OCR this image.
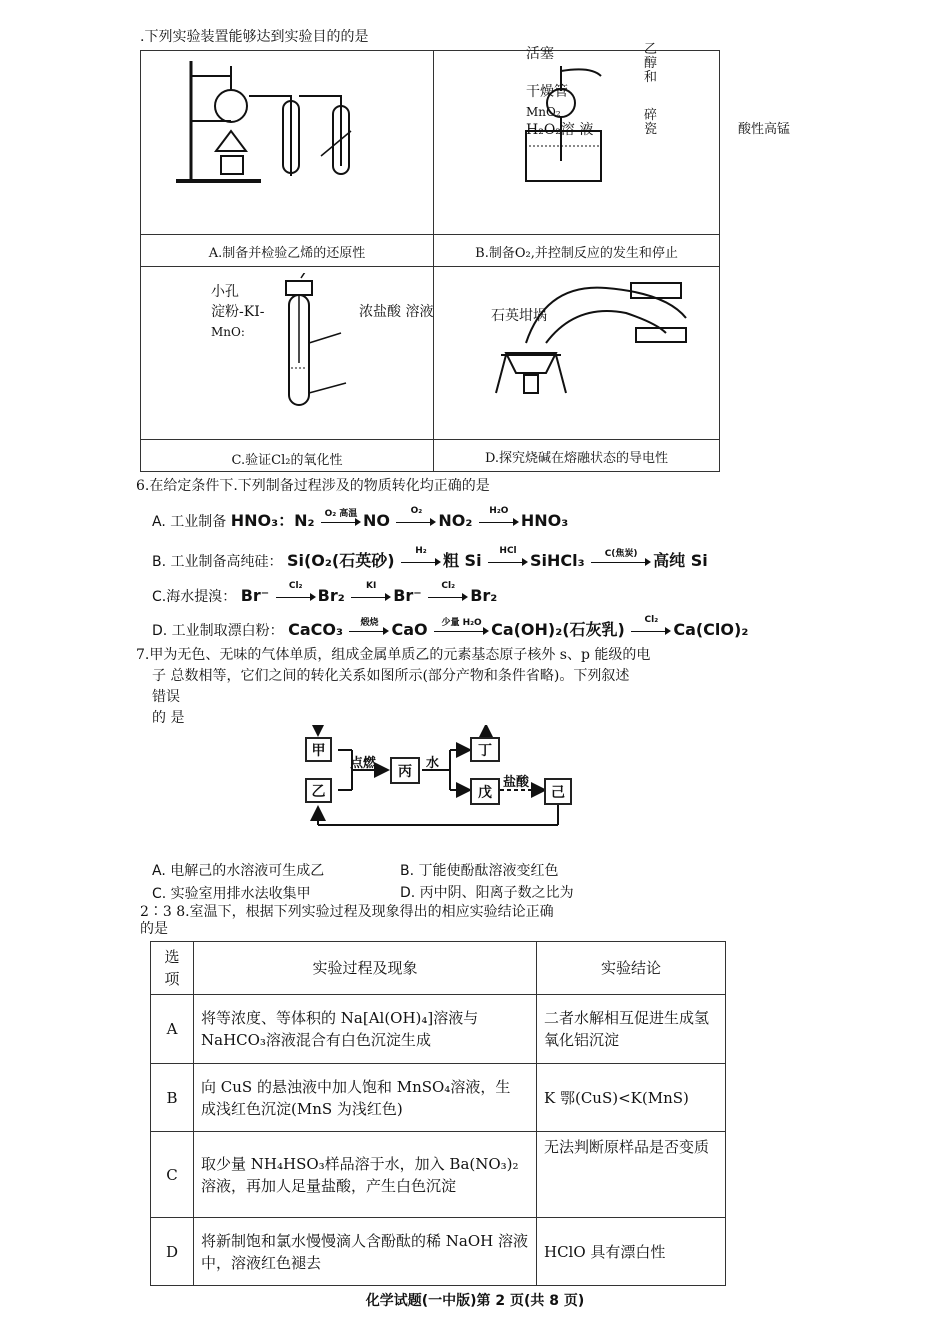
.下列实验装置能够达到实验目的的是
活塞
干燥管
MnO₂
H₂O₂溶 液
乙醇和
碎瓷	酸性高锰
A.制备并检验乙烯的还原性	B.制备O₂,并控制反应的发生和停止
小孔
淀粉-KI-
MnO:
浓盐酸 溶液	石英坩埚
C.验证Cl₂的氧化性	D.探究烧碱在熔融状态的导电性
6.在给定条件下.下列制备过程涉及的物质转化均正确的是
A. 工业制备 HNO₃：N₂	O₂ 高温 NO	O₂	NO₂	H₂O HNO₃
B. 工业制备高纯硅： Si(O₂(石英砂)	H₂	粗 Si	HCl SiHCl₃	C(焦炭) 高纯 Si
C.海水提溴： Br⁻	Cl₂ Br₂	KI	Br⁻	Cl₂ Br₂
D. 工业制取漂白粉： CaCO₃	煅烧 CaO	少量 H₂O Ca(OH)₂(石灰乳)	Cl₂ Ca(ClO)₂
7.甲为无色、无味的气体单质，组成金属单质乙的元素基态原子核外 s、p 能级的电
子 总数相等，它们之间的转化关系如图所示(部分产物和条件省略)。下列叙述
错误
的 是
甲
乙
丙
丁
戊	己
点燃	水
盐酸
A. 电解己的水溶液可生成乙	B. 丁能使酚酞溶液变红色
C. 实验室用排水法收集甲	D. 丙中阴、阳离子数之比为
2∶3 8.室温下，根据下列实验过程及现象得出的相应实验结论正确
的是
选项	实验过程及现象	实验结论
A	将等浓度、等体积的 Na[Al(OH)₄]溶液与 NaHCO₃溶液混合有白色沉淀生成	二者水解相互促进生成氢氧化铝沉淀
B	向 CuS 的悬浊液中加人饱和 MnSO₄溶液，生 成浅红色沉淀(MnS 为浅红色)	K 鄂(CuS)<K(MnS)
C	取少量 NH₄HSO₃样品溶于水，加入 Ba(NO₃)₂溶液，再加人足量盐酸，产生白色沉淀	无法判断原样品是否变质
D	将新制饱和氯水慢慢滴人含酚酞的稀 NaOH 溶液中，溶液红色褪去	HClO 具有漂白性
化学试题(一中版)第 2 页(共 8 页)
